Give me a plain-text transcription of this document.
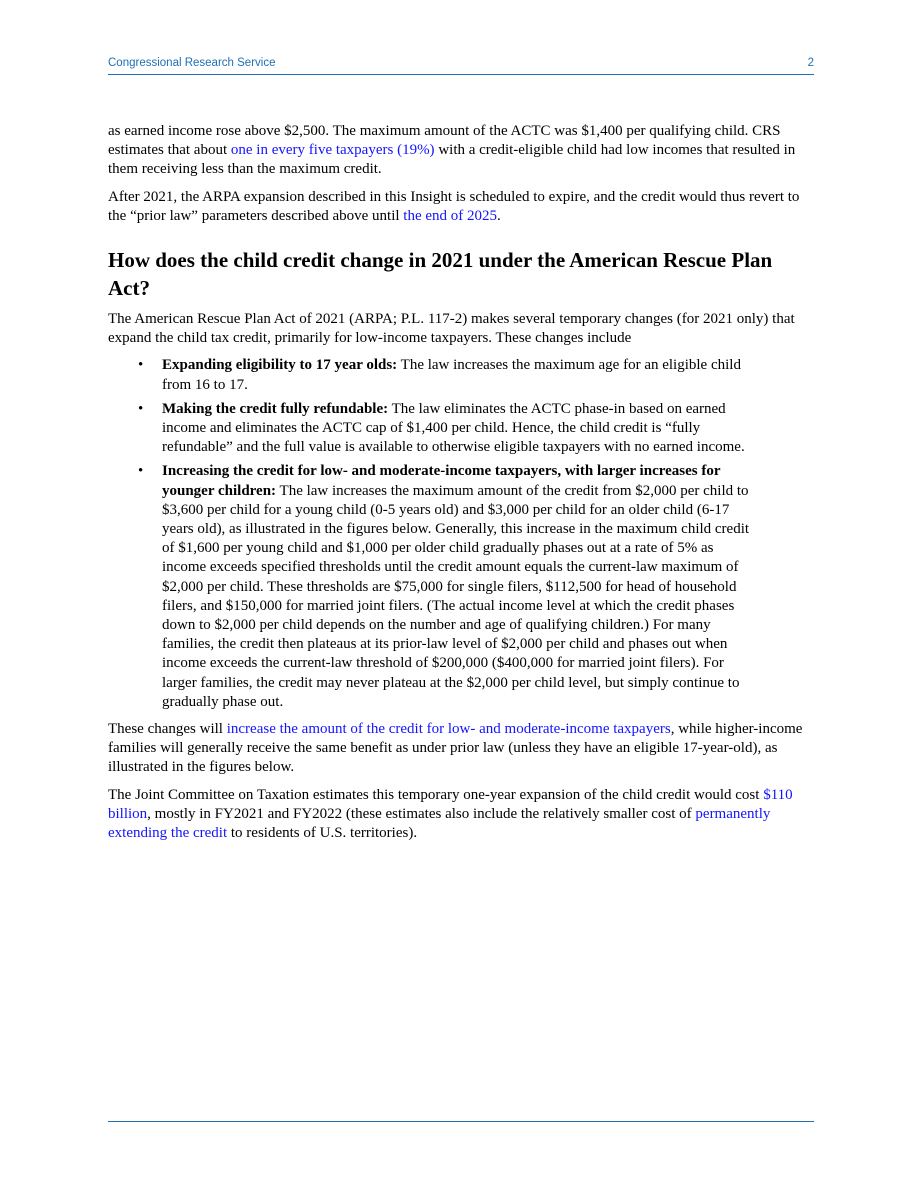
Congressional Research Service	2

as earned income rose above $2,500. The maximum amount of the ACTC was $1,400 per qualifying child. CRS estimates that about one in every five taxpayers (19%) with a credit-eligible child had low incomes that resulted in them receiving less than the maximum credit.

After 2021, the ARPA expansion described in this Insight is scheduled to expire, and the credit would thus revert to the “prior law” parameters described above until the end of 2025.

How does the child credit change in 2021 under the American Rescue Plan Act?

The American Rescue Plan Act of 2021 (ARPA; P.L. 117-2) makes several temporary changes (for 2021 only) that expand the child tax credit, primarily for low-income taxpayers. These changes include

• Expanding eligibility to 17 year olds: The law increases the maximum age for an eligible child from 16 to 17.
• Making the credit fully refundable: The law eliminates the ACTC phase-in based on earned income and eliminates the ACTC cap of $1,400 per child. Hence, the child credit is “fully refundable” and the full value is available to otherwise eligible taxpayers with no earned income.
• Increasing the credit for low- and moderate-income taxpayers, with larger increases for younger children: The law increases the maximum amount of the credit from $2,000 per child to $3,600 per child for a young child (0-5 years old) and $3,000 per child for an older child (6-17 years old), as illustrated in the figures below. Generally, this increase in the maximum child credit of $1,600 per young child and $1,000 per older child gradually phases out at a rate of 5% as income exceeds specified thresholds until the credit amount equals the current-law maximum of $2,000 per child. These thresholds are $75,000 for single filers, $112,500 for head of household filers, and $150,000 for married joint filers. (The actual income level at which the credit phases down to $2,000 per child depends on the number and age of qualifying children.) For many families, the credit then plateaus at its prior-law level of $2,000 per child and phases out when income exceeds the current-law threshold of $200,000 ($400,000 for married joint filers). For larger families, the credit may never plateau at the $2,000 per child level, but simply continue to gradually phase out.

These changes will increase the amount of the credit for low- and moderate-income taxpayers, while higher-income families will generally receive the same benefit as under prior law (unless they have an eligible 17-year-old), as illustrated in the figures below.

The Joint Committee on Taxation estimates this temporary one-year expansion of the child credit would cost $110 billion, mostly in FY2021 and FY2022 (these estimates also include the relatively smaller cost of permanently extending the credit to residents of U.S. territories).
